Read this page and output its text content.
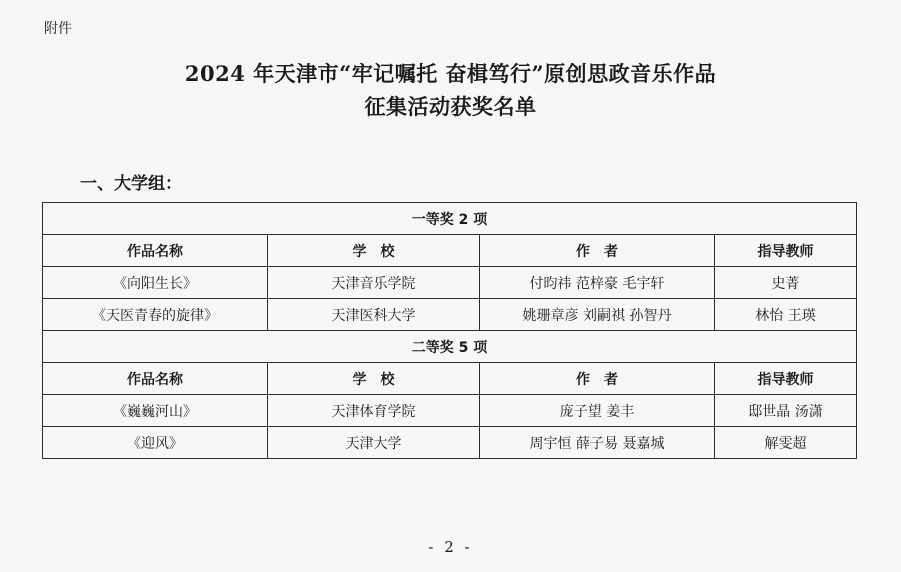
附件
2024 年天津市“牢记嘱托 奋楫笃行”原创思政音乐作品
征集活动获奖名单
一、大学组：
一等奖 2 项			
作品名称	学　校	作　者	指导教师
《向阳生长》	天津音乐学院	付昀祎 范梓豪 毛宇轩	史菁
《天医青春的旋律》	天津医科大学	姚珊章彦 刘嗣祺 孙智丹	林怡 王瑛
二等奖 5 项			
作品名称	学　校	作　者	指导教师
《巍巍河山》	天津体育学院	庞子望 姜丰	邸世晶 汤潇
《迎风》	天津大学	周宇恒 薛子易 聂嘉城	解雯超
- 2 -
